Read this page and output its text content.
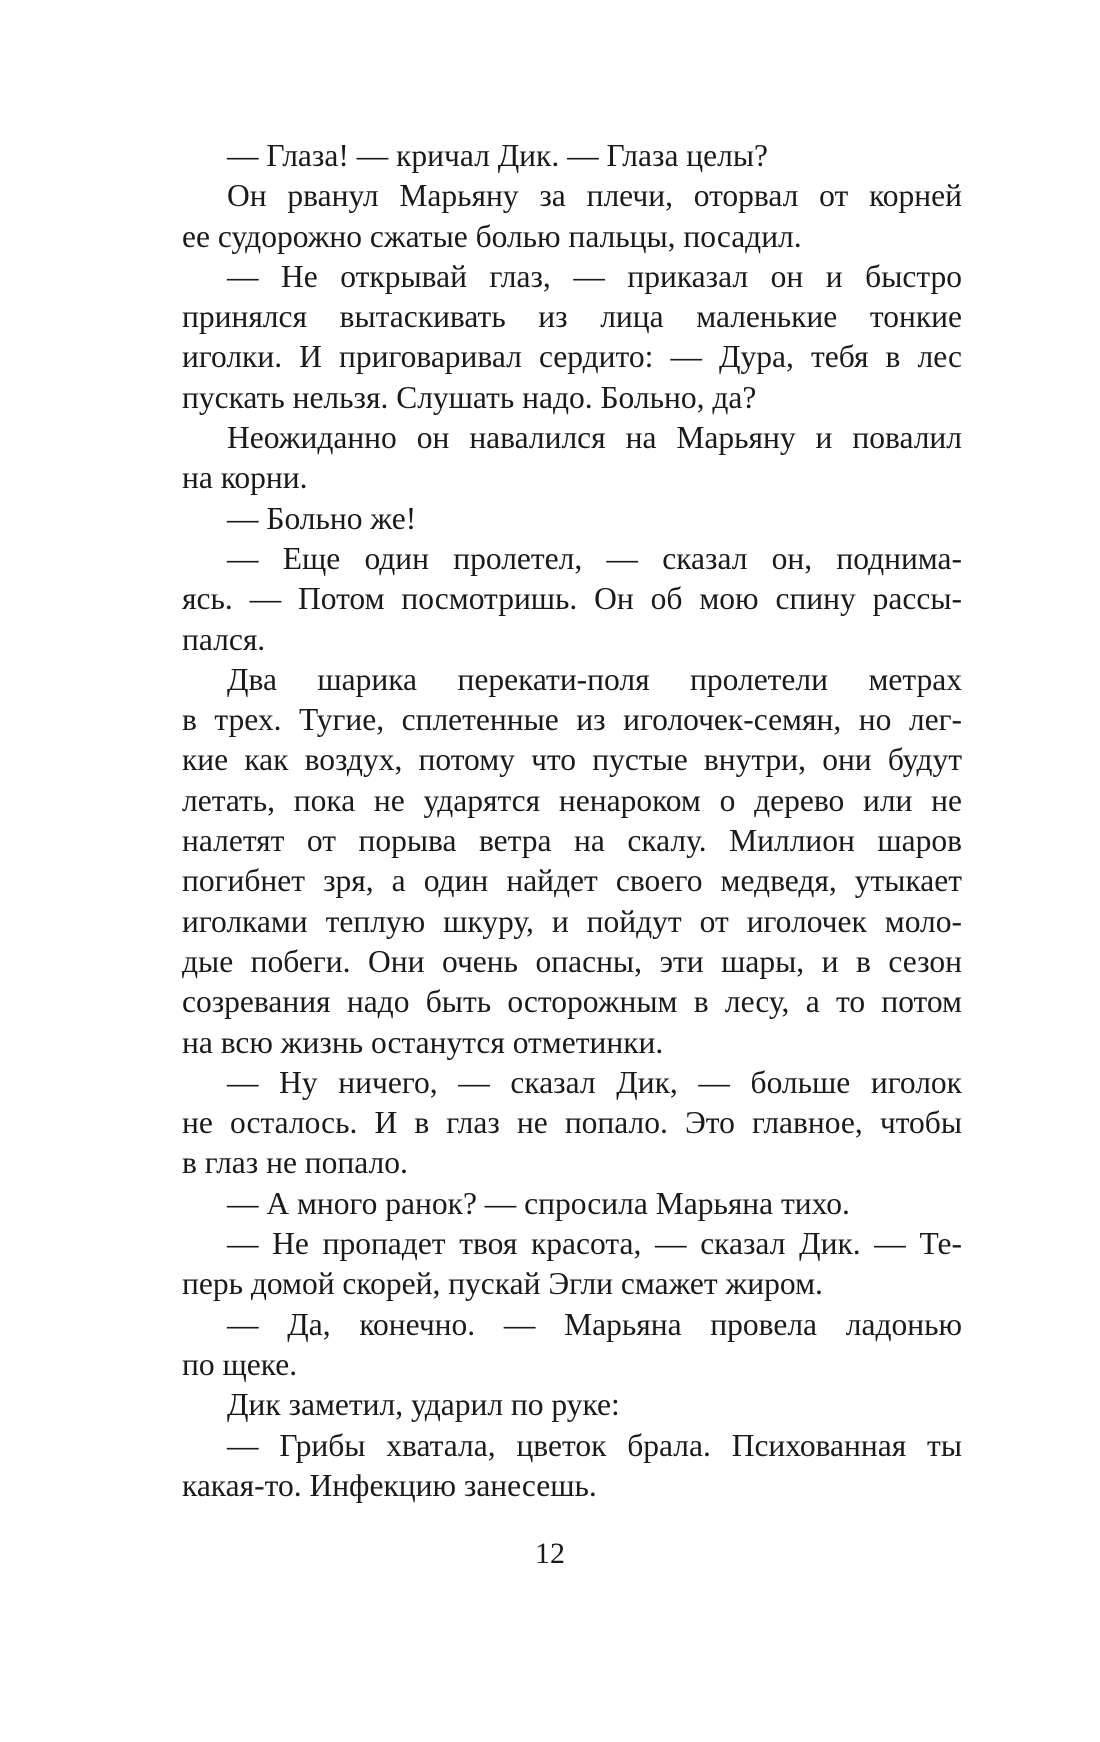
— Глаза! — кричал Дик. — Глаза целы?
Он рванул Марьяну за плечи, оторвал от корней
ее судорожно сжатые болью пальцы, посадил.
— Не открывай глаз, — приказал он и быстро
принялся вытаскивать из лица маленькие тонкие
иголки. И приговаривал сердито: — Дура, тебя в лес
пускать нельзя. Слушать надо. Больно, да?
Неожиданно он навалился на Марьяну и повалил
на корни.
— Больно же!
— Еще один пролетел, — сказал он, поднима-
ясь. — Потом посмотришь. Он об мою спину рассы-
пался.
Два шарика перекати-поля пролетели метрах
в трех. Тугие, сплетенные из иголочек-семян, но лег-
кие как воздух, потому что пустые внутри, они будут
летать, пока не ударятся ненароком о дерево или не
налетят от порыва ветра на скалу. Миллион шаров
погибнет зря, а один найдет своего медведя, утыкает
иголками теплую шкуру, и пойдут от иголочек моло-
дые побеги. Они очень опасны, эти шары, и в сезон
созревания надо быть осторожным в лесу, а то потом
на всю жизнь останутся отметинки.
— Ну ничего, — сказал Дик, — больше иголок
не осталось. И в глаз не попало. Это главное, чтобы
в глаз не попало.
— А много ранок? — спросила Марьяна тихо.
— Не пропадет твоя красота, — сказал Дик. — Те-
перь домой скорей, пускай Эгли смажет жиром.
— Да, конечно. — Марьяна провела ладонью
по щеке.
Дик заметил, ударил по руке:
— Грибы хватала, цветок брала. Психованная ты
какая-то. Инфекцию занесешь.
12
